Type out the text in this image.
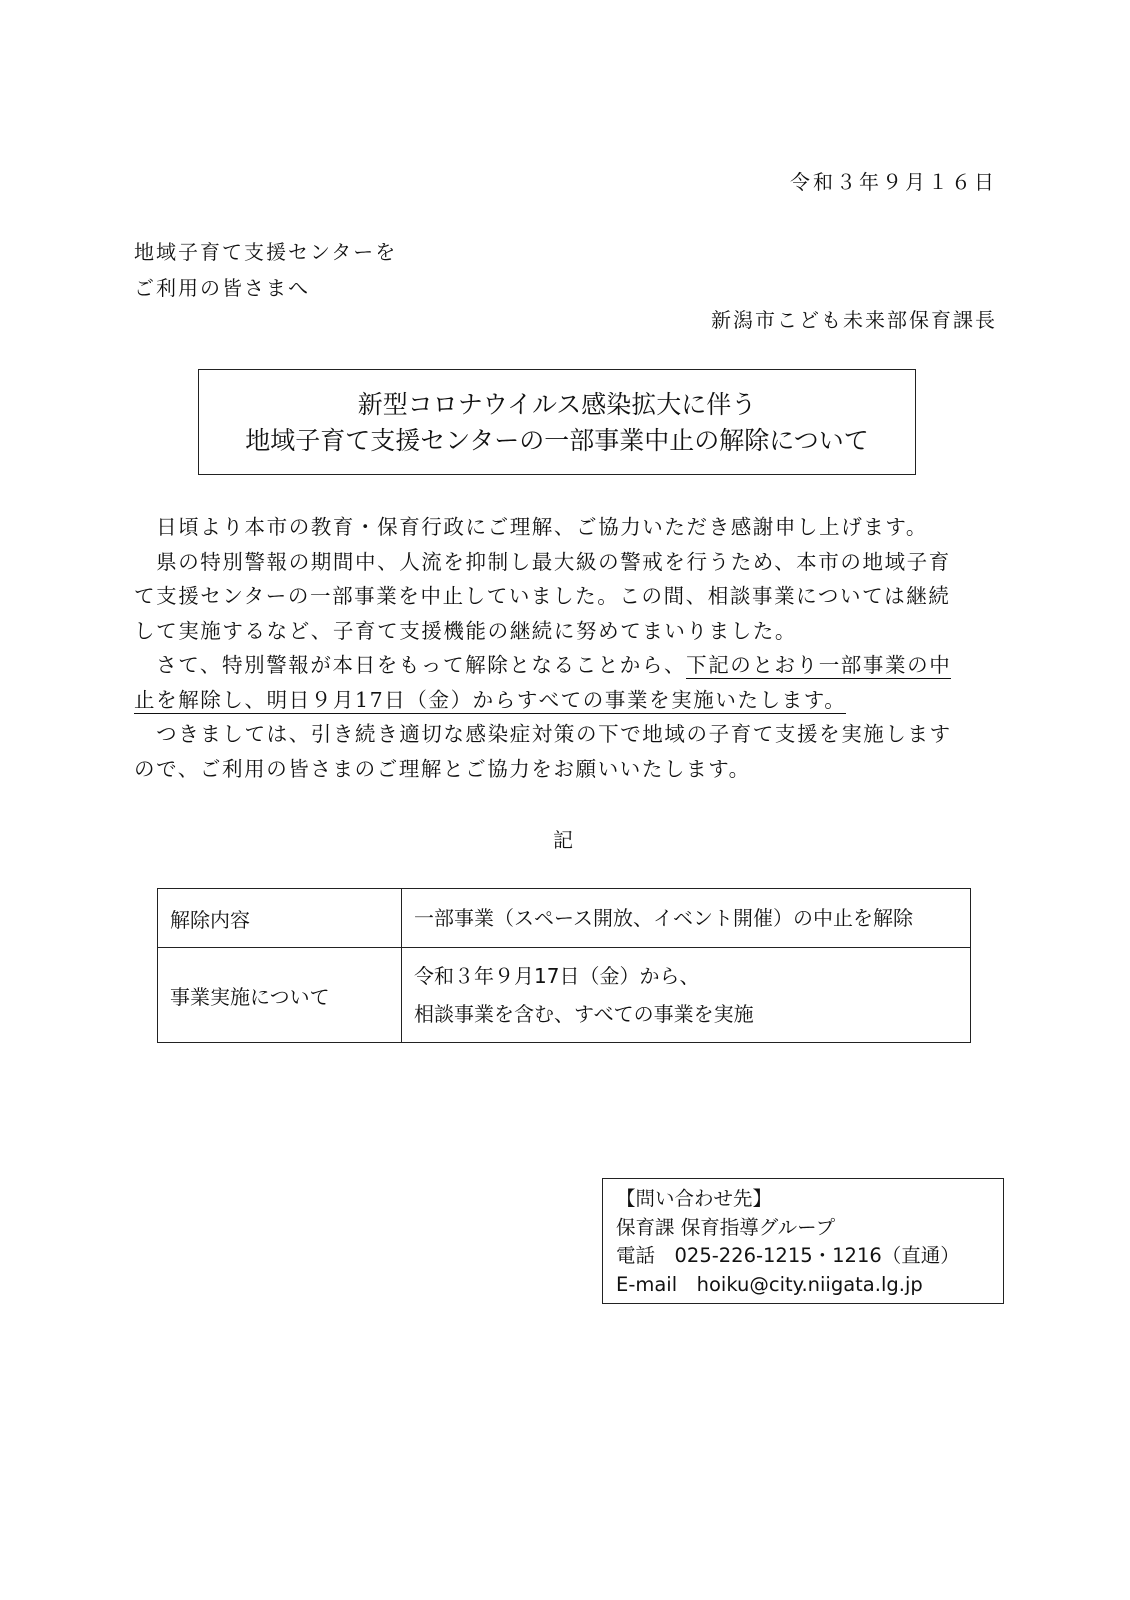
令和３年９月１６日
地域子育て支援センターを
ご利用の皆さまへ
新潟市こども未来部保育課長
新型コロナウイルス感染拡大に伴う
地域子育て支援センターの一部事業中止の解除について

　日頃より本市の教育・保育行政にご理解、ご協力いただき感謝申し上げます。

　県の特別警報の期間中、人流を抑制し最大級の警戒を行うため、本市の地域子育

て支援センターの一部事業を中止していました。この間、相談事業については継続

して実施するなど、子育て支援機能の継続に努めてまいりました。

　さて、特別警報が本日をもって解除となることから、下記のとおり一部事業の中

止を解除し、明日９月17日（金）からすべての事業を実施いたします。

　つきましては、引き続き適切な感染症対策の下で地域の子育て支援を実施します

ので、ご利用の皆さまのご理解とご協力をお願いいたします。

記
解除内容	一部事業（スペース開放、イベント開催）の中止を解除

事業実施について	令和３年９月17日（金）から、
相談事業を含む、すべての事業を実施
【問い合わせ先】
保育課 保育指導グループ
電話　025-226-1215・1216（直通）
E-mail　hoiku@city.niigata.lg.jp
